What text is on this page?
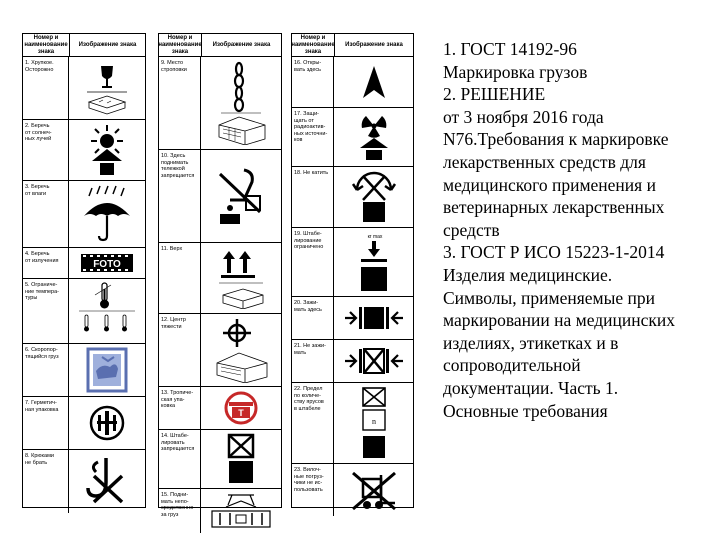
Номер и наименование знака
Изображение знака
1. Хрупкое.
Осторожно
2. Беречь
от солнеч-
ных лучей
3. Беречь
от влаги
4. Беречь
от излучения	FOTO
5. Ограниче-
ние темпера-
туры
6. Скоропор-
тящийся груз
7. Герметич-
ная упаковка
8. Крюками
не брать
Номер и наименование знака
Изображение знака
9. Место
строповки
10. Здесь
поднимать
тележкой
запрещается
11. Верх
12. Центр
тяжести
13. Тропиче-
ская упа-
ковка
T
14. Штабе-
лировать
запрещается
15. Подни-
мать непо-
средственно
за груз
Номер и наименование знака
Изображение знака
16. Откры-
вать здесь
17. Защи-
щать от
радиоактив-
ных источни-
ков
18. Не катить
19. Штабе-
лирование
ограничено
кг max
20. Зажи-
мать здесь
21. Не зажи-
мать
22. Предел
по количе-
ству ярусов
в штабеле
n
23. Вилоч-
ные погруз-
чики не ис-
пользовать
1. ГОСТ 14192-96
Маркировка грузов
2. РЕШЕНИЕ
от 3 ноября 2016 года
N76.Требования к маркировке
лекарственных средств для
медицинского применения и
ветеринарных лекарственных
средств
3. ГОСТ Р ИСО 15223-1-2014
Изделия медицинские.
Символы, применяемые при
маркировании на медицинских
изделиях, этикетках и в
сопроводительной
документации. Часть 1.
Основные требования
